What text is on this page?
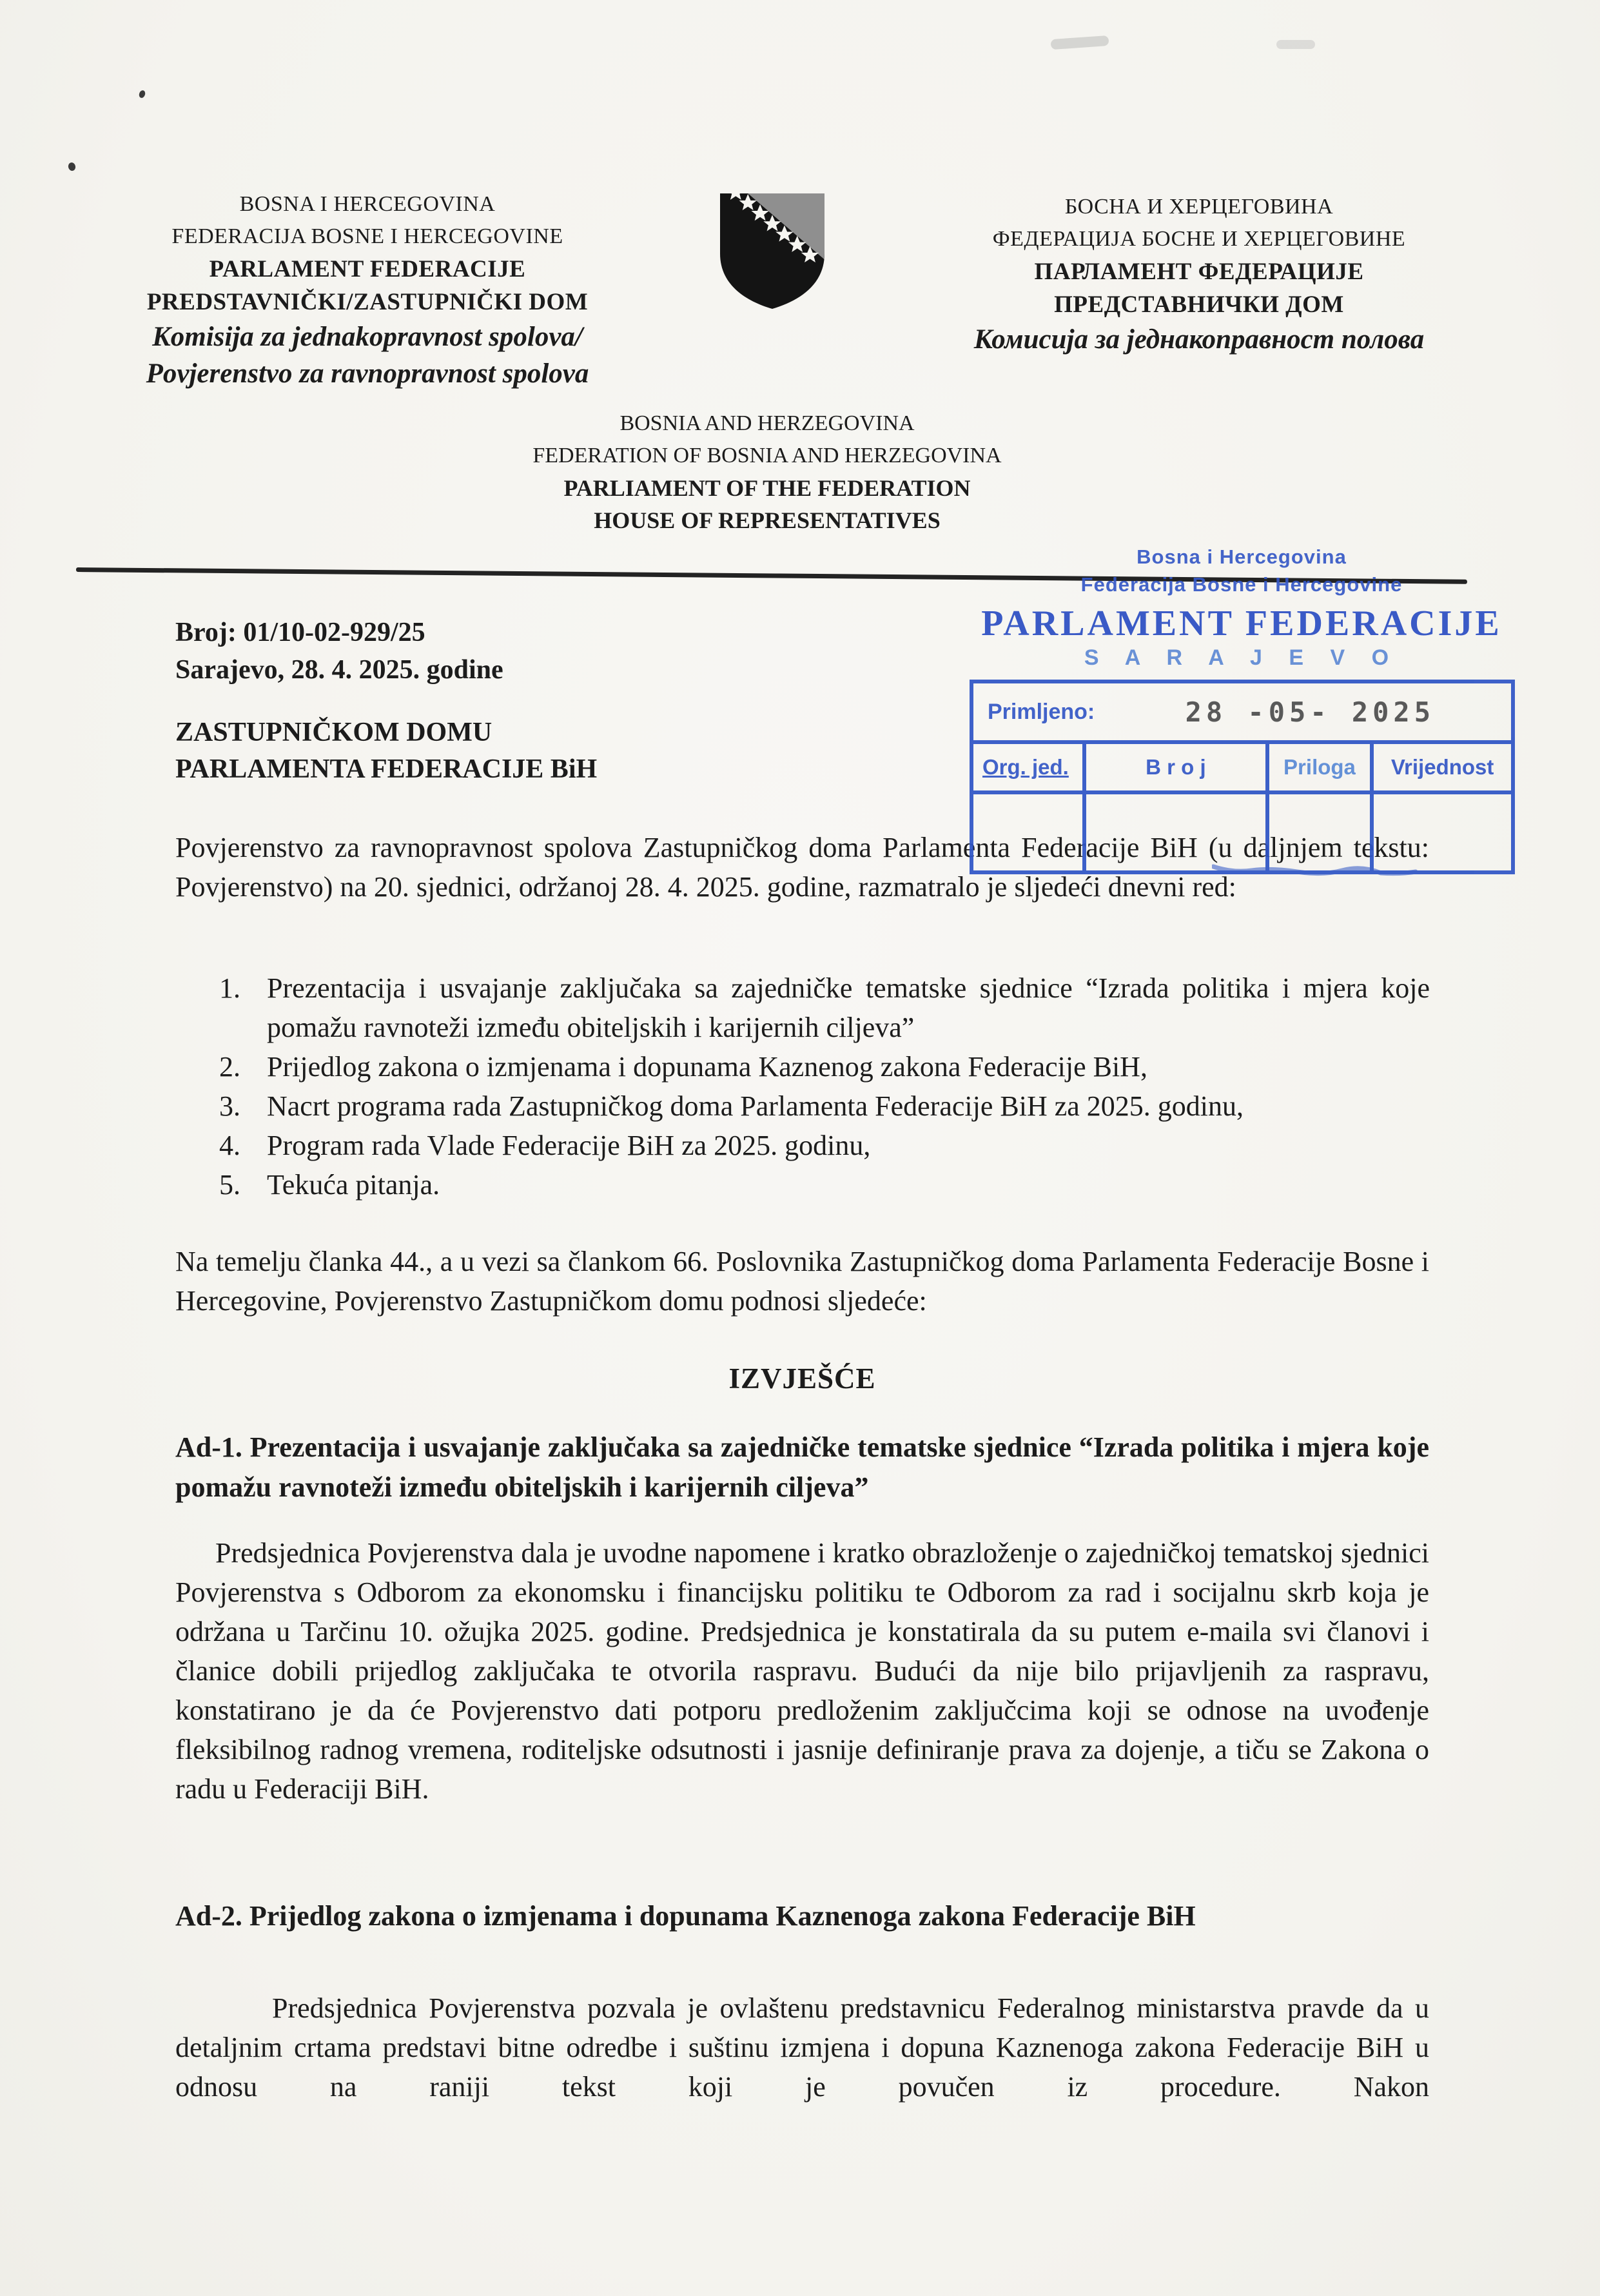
BOSNA I HERCEGOVINA
FEDERACIJA BOSNE I HERCEGOVINE
PARLAMENT FEDERACIJE
PREDSTAVNIČKI/ZASTUPNIČKI DOM
Komisija za jednakopravnost spolova/
Povjerenstvo za ravnopravnost spolova
БОСНА И ХЕРЦЕГОВИНА
ФЕДЕРАЦИЈА БОСНЕ И ХЕРЦЕГОВИНЕ
ПАРЛАМЕНТ ФЕДЕРАЦИЈЕ
ПРЕДСТАВНИЧКИ ДОМ
Комисија за једнакоправност полова
BOSNIA AND HERZEGOVINA
FEDERATION OF BOSNIA AND HERZEGOVINA
PARLIAMENT OF THE FEDERATION
HOUSE OF REPRESENTATIVES
Bosna i Hercegovina
Federacija Bosne i Hercegovine
PARLAMENT FEDERACIJE
S A R A J E V O
Primljeno:	28 -05- 2025
Org. jed.	B r o j	Priloga	Vrijednost
Broj: 01/10-02-929/25
Sarajevo, 28. 4. 2025. godine
ZASTUPNIČKOM DOMU
PARLAMENTA FEDERACIJE BiH
Povjerenstvo za ravnopravnost spolova Zastupničkog doma Parlamenta Federacije BiH (u daljnjem tekstu: Povjerenstvo) na 20. sjednici, održanoj 28. 4. 2025. godine, razmatralo je sljedeći dnevni red:
1. Prezentacija i usvajanje zaključaka sa zajedničke tematske sjednice “Izrada politika i mjera koje pomažu ravnoteži između obiteljskih i karijernih ciljeva”
2. Prijedlog zakona o izmjenama i dopunama Kaznenog zakona Federacije BiH,
3. Nacrt programa rada Zastupničkog doma Parlamenta Federacije BiH za 2025. godinu,
4. Program rada Vlade Federacije BiH za 2025. godinu,
5. Tekuća pitanja.
Na temelju članka 44., a u vezi sa člankom 66. Poslovnika Zastupničkog doma Parlamenta Federacije Bosne i Hercegovine, Povjerenstvo Zastupničkom domu podnosi sljedeće:
IZVJEŠĆE
Ad-1. Prezentacija i usvajanje zaključaka sa zajedničke tematske sjednice “Izrada politika i mjera koje pomažu ravnoteži između obiteljskih i karijernih ciljeva”
Predsjednica Povjerenstva dala je uvodne napomene i kratko obrazloženje o zajedničkoj tematskoj sjednici Povjerenstva s Odborom za ekonomsku i financijsku politiku te Odborom za rad i socijalnu skrb koja je održana u Tarčinu 10. ožujka 2025. godine. Predsjednica je konstatirala da su putem e-maila svi članovi i članice dobili prijedlog zaključaka te otvorila raspravu. Budući da nije bilo prijavljenih za raspravu, konstatirano je da će Povjerenstvo dati potporu predloženim zaključcima koji se odnose na uvođenje fleksibilnog radnog vremena, roditeljske odsutnosti i jasnije definiranje prava za dojenje, a tiču se Zakona o radu u Federaciji BiH.
Ad-2. Prijedlog zakona o izmjenama i dopunama Kaznenoga zakona Federacije BiH
Predsjednica Povjerenstva pozvala je ovlaštenu predstavnicu Federalnog ministarstva pravde da u detaljnim crtama predstavi bitne odredbe i suštinu izmjena i dopuna Kaznenoga zakona Federacije BiH u odnosu na raniji tekst koji je povučen iz procedure. Nakon
